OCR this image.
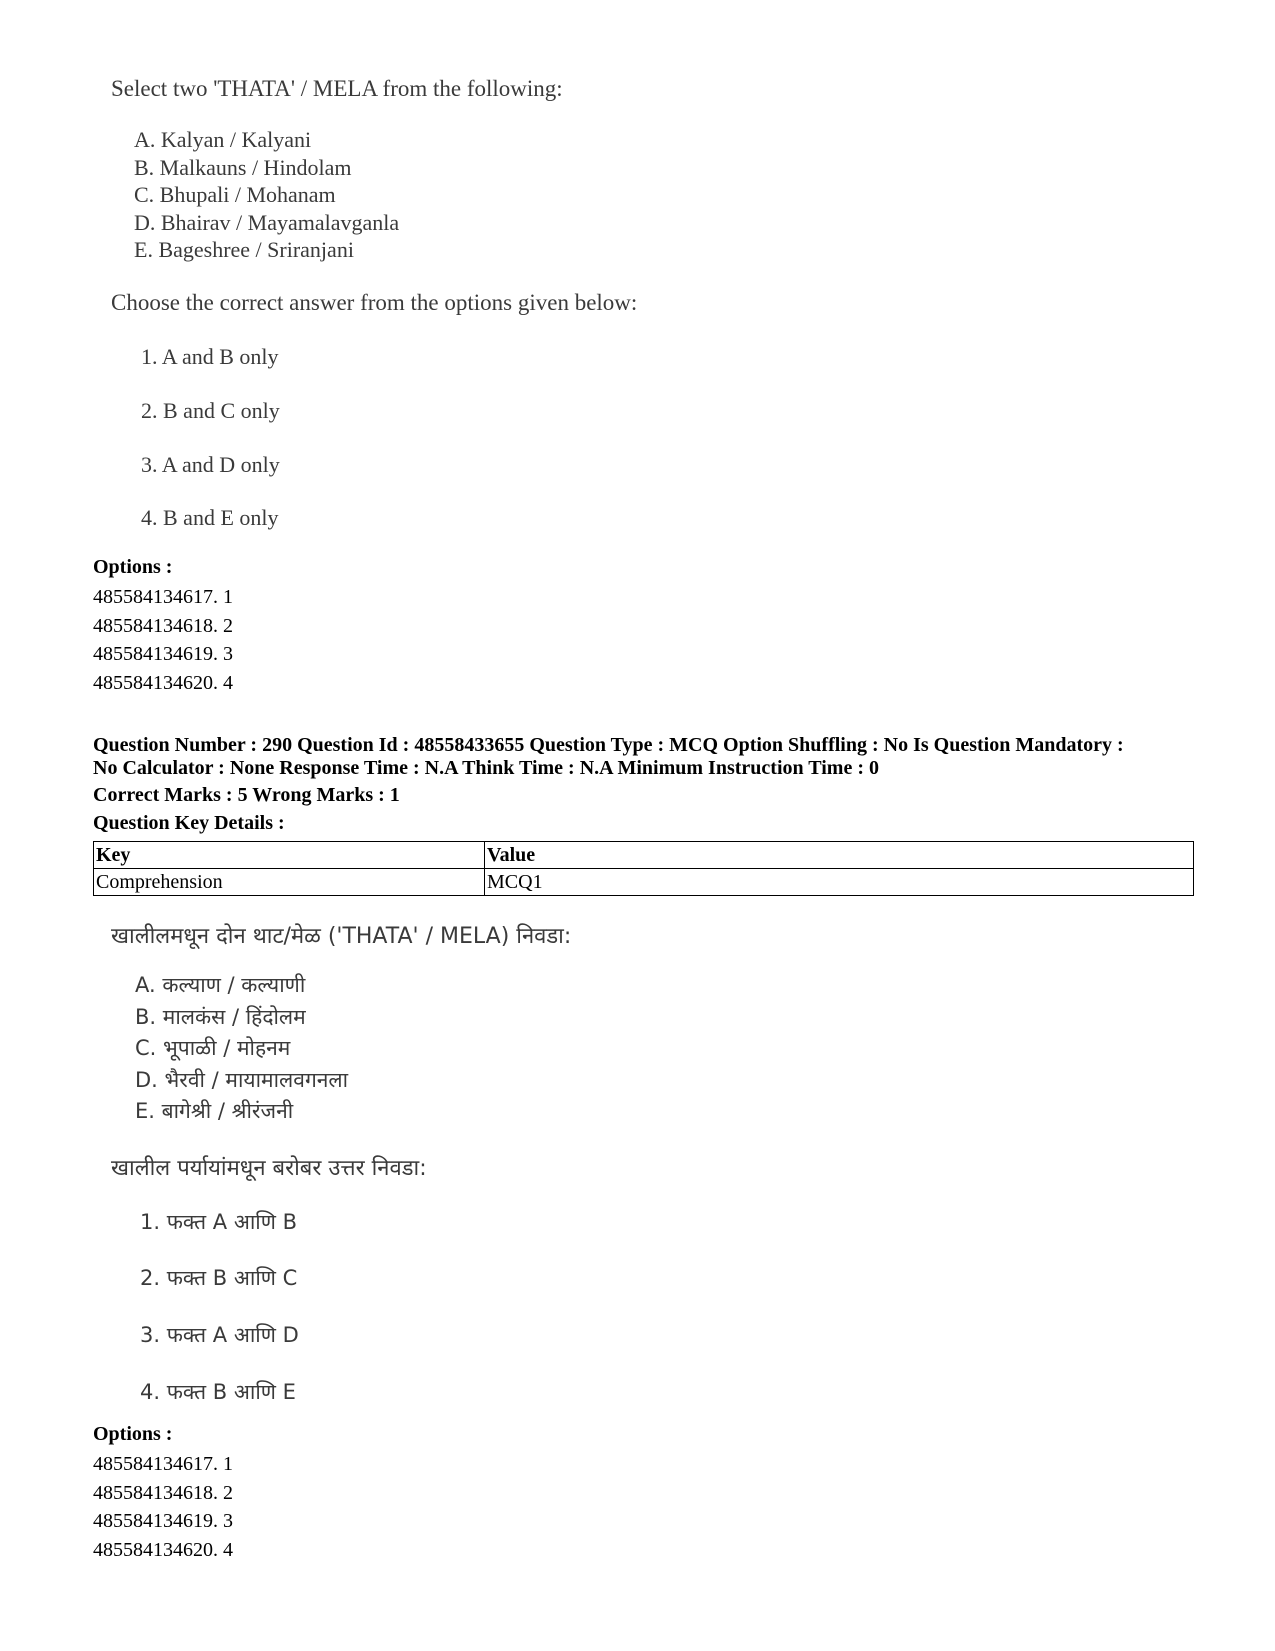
Select two 'THATA' / MELA from the following:

A. Kalyan / Kalyani
B. Malkauns / Hindolam
C. Bhupali / Mohanam
D. Bhairav / Mayamalavganla
E. Bageshree / Sriranjani

Choose the correct answer from the options given below:

1. A and B only

2. B and C only

3. A and D only

4. B and E only

Options :

485584134617. 1
485584134618. 2
485584134619. 3
485584134620. 4
Question Number : 290 Question Id : 48558433655 Question Type : MCQ Option Shuffling : No Is Question Mandatory :
No Calculator : None Response Time : N.A Think Time : N.A Minimum Instruction Time : 0

Correct Marks : 5 Wrong Marks : 1

Question Key Details :

Key	Value
Comprehension	MCQ1

खालीलमधून दोन थाट/मेळ ('THATA' / MELA) निवडा:

A. कल्याण / कल्याणी
B. मालकंस / हिंदोलम
C. भूपाळी / मोहनम
D. भैरवी / मायामालवगनला
E. बागेश्री / श्रीरंजनी

खालील पर्यायांमधून बरोबर उत्तर निवडा:

1. फक्त A आणि B

2. फक्त B आणि C

3. फक्त A आणि D

4. फक्त B आणि E

Options :

485584134617. 1
485584134618. 2
485584134619. 3
485584134620. 4
